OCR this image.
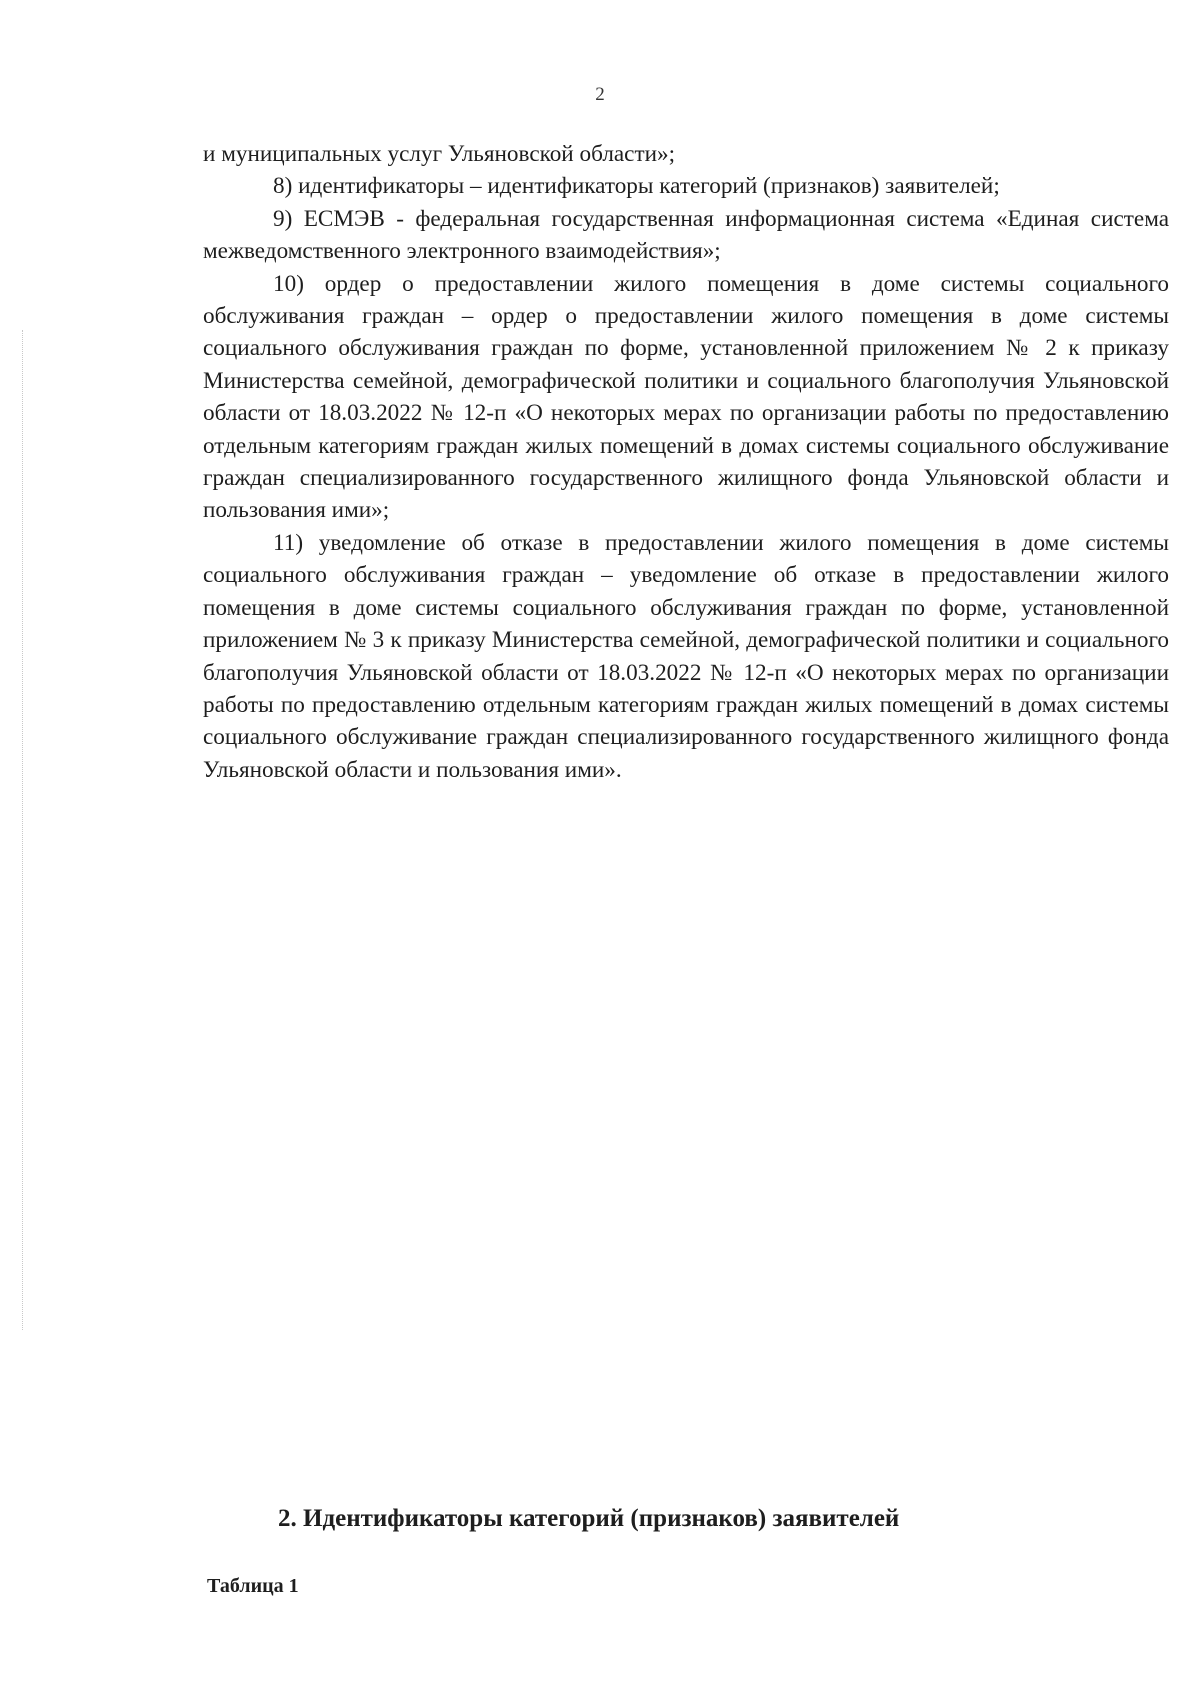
2

и муниципальных услуг Ульяновской области»;

8) идентификаторы – идентификаторы категорий (признаков) заявителей;

9) ЕСМЭВ - федеральная государственная информационная система «Единая система межведомственного электронного взаимодействия»;

10) ордер о предоставлении жилого помещения в доме системы социального обслуживания граждан – ордер о предоставлении жилого помещения в доме системы социального обслуживания граждан по форме, установленной приложением № 2 к приказу Министерства семейной, демографической политики и социального благополучия Ульяновской области от 18.03.2022 № 12-п «О некоторых мерах по организации работы по предоставлению отдельным категориям граждан жилых помещений в домах системы социального обслуживание граждан специализированного государственного жилищного фонда Ульяновской области и пользования ими»;

11) уведомление об отказе в предоставлении жилого помещения в доме системы социального обслуживания граждан – уведомление об отказе в предоставлении жилого помещения в доме системы социального обслуживания граждан по форме, установленной приложением № 3 к приказу Министерства семейной, демографической политики и социального благополучия Ульяновской области от 18.03.2022 № 12-п «О некоторых мерах по организации работы по предоставлению отдельным категориям граждан жилых помещений в домах системы социального обслуживание граждан специализированного государственного жилищного фонда Ульяновской области и пользования ими».

2. Идентификаторы категорий (признаков) заявителей
Таблица 1
